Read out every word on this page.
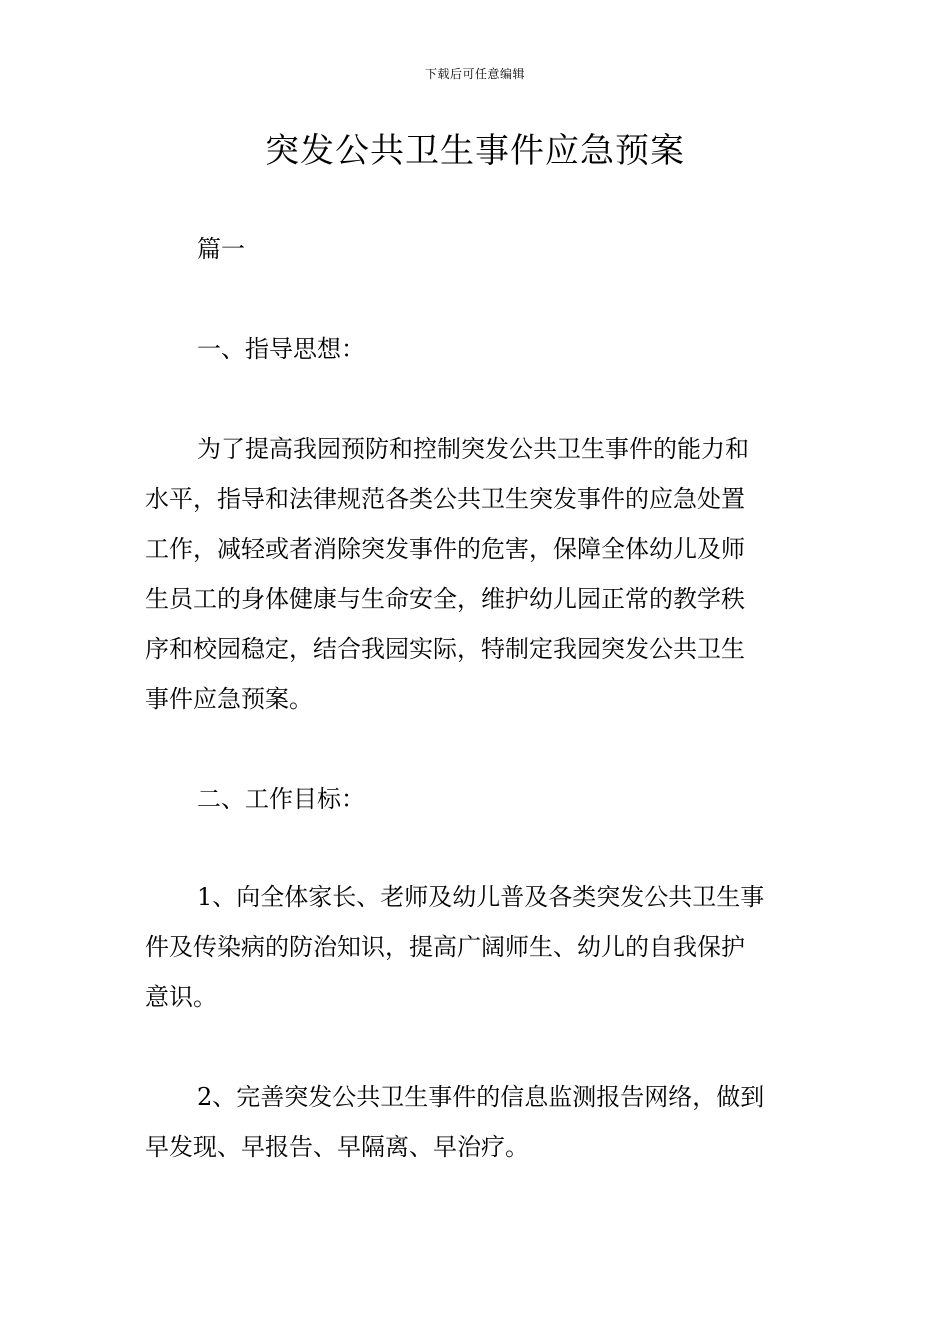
下载后可任意编辑
突发公共卫生事件应急预案
篇一
一、指导思想：
为了提高我园预防和控制突发公共卫生事件的能力和
水平，指导和法律规范各类公共卫生突发事件的应急处置
工作，减轻或者消除突发事件的危害，保障全体幼儿及师
生员工的身体健康与生命安全，维护幼儿园正常的教学秩
序和校园稳定，结合我园实际，特制定我园突发公共卫生
事件应急预案。
二、工作目标：
1、向全体家长、老师及幼儿普及各类突发公共卫生事
件及传染病的防治知识，提高广阔师生、幼儿的自我保护
意识。
2、完善突发公共卫生事件的信息监测报告网络，做到
早发现、早报告、早隔离、早治疗。
